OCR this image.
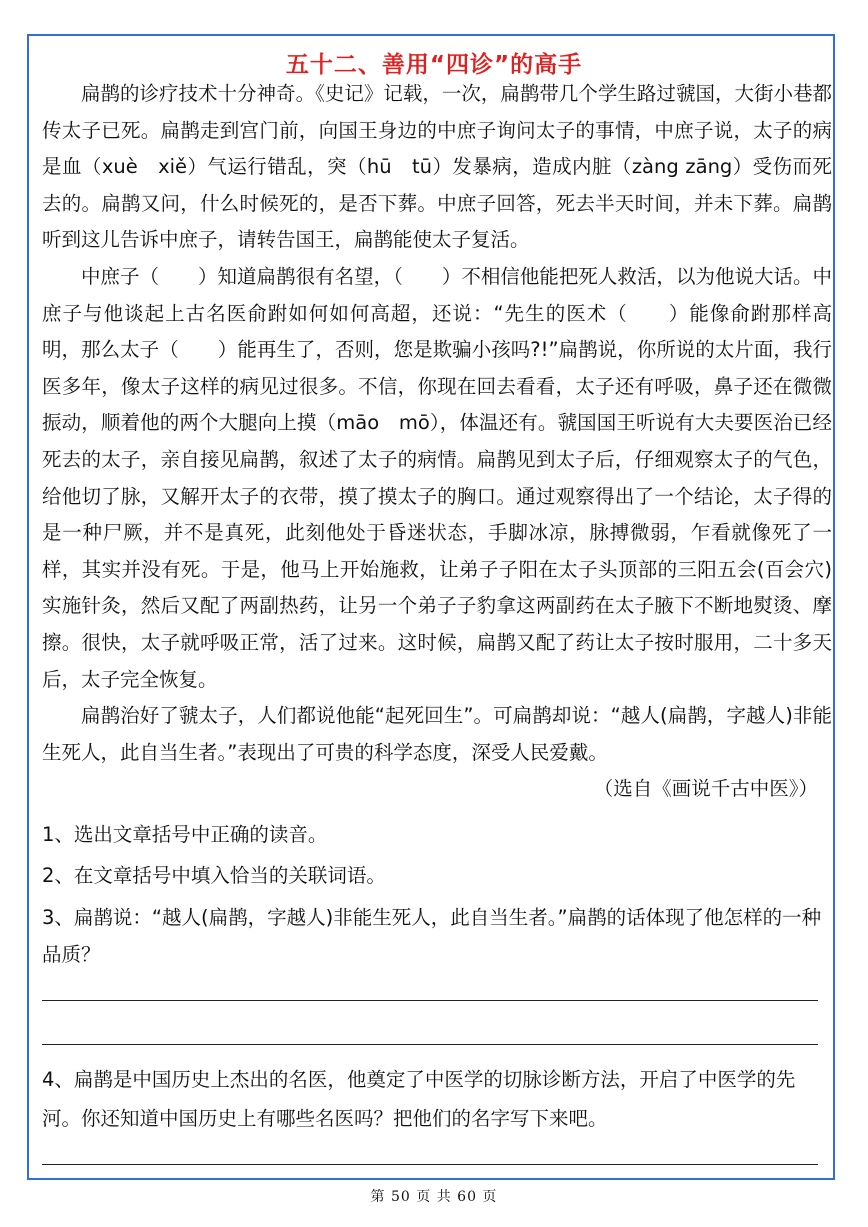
五十二、善用“四诊”的高手

扁鹊的诊疗技术十分神奇。《史记》记载，一次，扁鹊带几个学生路过虢国，大街小巷都传太子已死。扁鹊走到宫门前，向国王身边的中庶子询问太子的事情，中庶子说，太子的病是血（xuè　xiě）气运行错乱，突（hū　tū）发暴病，造成内脏（zàng zāng）受伤而死去的。扁鹊又问，什么时候死的，是否下葬。中庶子回答，死去半天时间，并未下葬。扁鹊听到这儿告诉中庶子，请转告国王，扁鹊能使太子复活。

中庶子（　　）知道扁鹊很有名望，（　　）不相信他能把死人救活，以为他说大话。中庶子与他谈起上古名医俞跗如何如何高超，还说：“先生的医术（　　）能像俞跗那样高明，那么太子（　　）能再生了，否则，您是欺骗小孩吗?!”扁鹊说，你所说的太片面，我行医多年，像太子这样的病见过很多。不信，你现在回去看看，太子还有呼吸，鼻子还在微微振动，顺着他的两个大腿向上摸（māo　mō），体温还有。虢国国王听说有大夫要医治已经死去的太子，亲自接见扁鹊，叙述了太子的病情。扁鹊见到太子后，仔细观察太子的气色，给他切了脉，又解开太子的衣带，摸了摸太子的胸口。通过观察得出了一个结论，太子得的是一种尸厥，并不是真死，此刻他处于昏迷状态，手脚冰凉，脉搏微弱，乍看就像死了一样，其实并没有死。于是，他马上开始施救，让弟子子阳在太子头顶部的三阳五会(百会穴)实施针灸，然后又配了两副热药，让另一个弟子子豹拿这两副药在太子腋下不断地熨烫、摩擦。很快，太子就呼吸正常，活了过来。这时候，扁鹊又配了药让太子按时服用，二十多天后，太子完全恢复。

扁鹊治好了虢太子，人们都说他能“起死回生”。可扁鹊却说：“越人(扁鹊，字越人)非能生死人，此自当生者。”表现出了可贵的科学态度，深受人民爱戴。

（选自《画说千古中医》）

1、选出文章括号中正确的读音。

2、在文章括号中填入恰当的关联词语。

3、扁鹊说：“越人(扁鹊，字越人)非能生死人，此自当生者。”扁鹊的话体现了他怎样的一种品质？

4、扁鹊是中国历史上杰出的名医，他奠定了中医学的切脉诊断方法，开启了中医学的先河。你还知道中国历史上有哪些名医吗？把他们的名字写下来吧。
第 50 页 共 60 页
